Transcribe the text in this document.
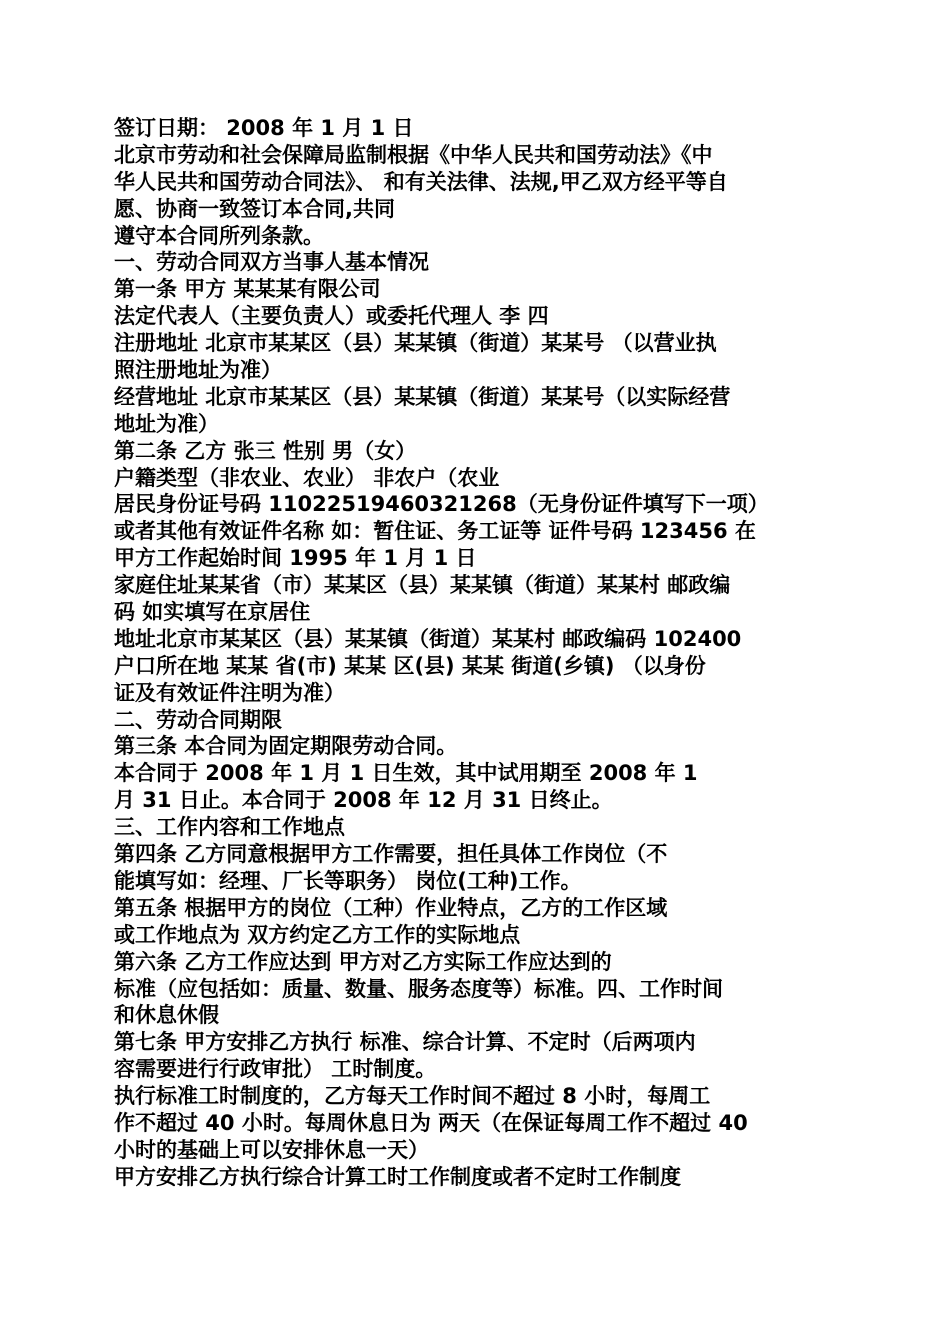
签订日期： 2008 年 1 月 1 日
北京市劳动和社会保障局监制根据《中华人民共和国劳动法》《中
华人民共和国劳动合同法》、 和有关法律、法规,甲乙双方经平等自
愿、协商一致签订本合同,共同
遵守本合同所列条款。
一、劳动合同双方当事人基本情况
第一条 甲方 某某某有限公司
法定代表人（主要负责人）或委托代理人 李 四
注册地址 北京市某某区（县）某某镇（街道）某某号 （以营业执
照注册地址为准）
经营地址 北京市某某区（县）某某镇（街道）某某号（以实际经营
地址为准）
第二条 乙方 张三 性别 男（女）
户籍类型（非农业、农业） 非农户（农业
居民身份证号码 11022519460321268（无身份证件填写下一项）
或者其他有效证件名称 如：暂住证、务工证等 证件号码 123456 在
甲方工作起始时间 1995 年 1 月 1 日
家庭住址某某省（市）某某区（县）某某镇（街道）某某村 邮政编
码 如实填写在京居住
地址北京市某某区（县）某某镇（街道）某某村 邮政编码 102400
户口所在地 某某 省(市) 某某 区(县) 某某 街道(乡镇) （以身份
证及有效证件注明为准）
二、劳动合同期限
第三条 本合同为固定期限劳动合同。
本合同于 2008 年 1 月 1 日生效，其中试用期至 2008 年 1
月 31 日止。本合同于 2008 年 12 月 31 日终止。
三、工作内容和工作地点
第四条 乙方同意根据甲方工作需要，担任具体工作岗位（不
能填写如：经理、厂长等职务） 岗位(工种)工作。
第五条 根据甲方的岗位（工种）作业特点，乙方的工作区域
或工作地点为 双方约定乙方工作的实际地点
第六条 乙方工作应达到 甲方对乙方实际工作应达到的
标准（应包括如：质量、数量、服务态度等）标准。四、工作时间
和休息休假
第七条 甲方安排乙方执行 标准、综合计算、不定时（后两项内
容需要进行行政审批） 工时制度。
执行标准工时制度的，乙方每天工作时间不超过 8 小时，每周工
作不超过 40 小时。每周休息日为 两天（在保证每周工作不超过 40
小时的基础上可以安排休息一天）
甲方安排乙方执行综合计算工时工作制度或者不定时工作制度
